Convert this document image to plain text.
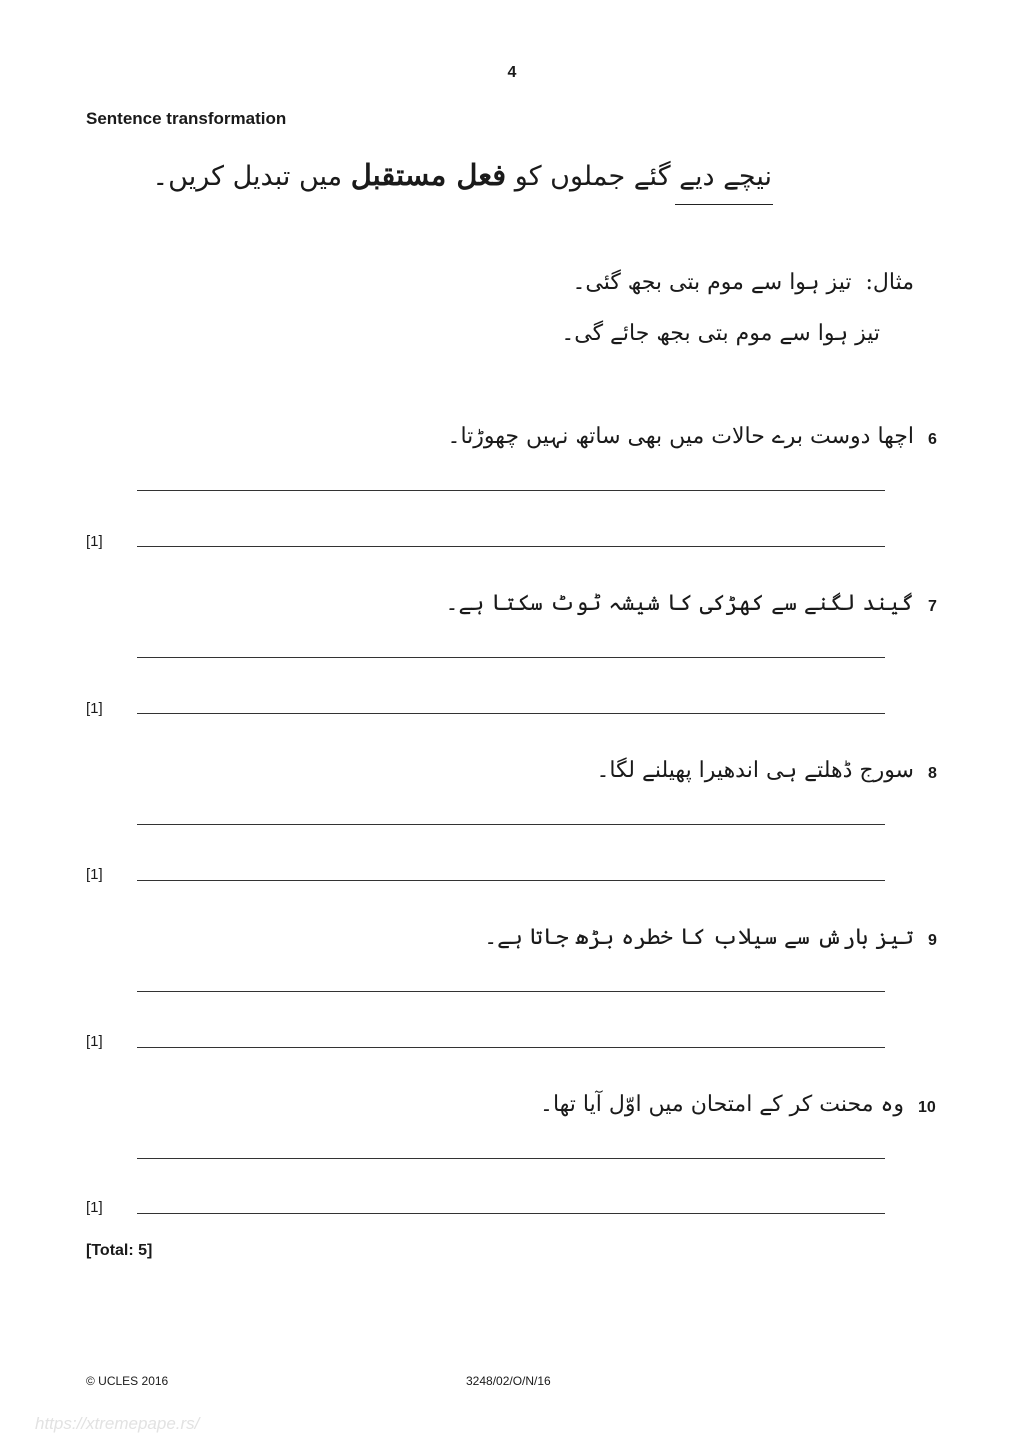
4
Sentence transformation
نیچے دیے گئے جملوں کو فعل مستقبل میں تبدیل کریں۔
مثال:  تیز ہوا سے موم بتی بجھ گئی۔
تیز ہوا سے موم بتی بجھ جائے گی۔
6
اچھا دوست برے حالات میں بھی ساتھ نہیں چھوڑتا۔
[1]
7
گیند لگنے سے کھڑکی کا شیشہ ٹوٹ سکتا ہے۔
[1]
8
سورج ڈھلتے ہی اندھیرا پھیلنے لگا۔
[1]
9
تیز بارش سے سیلاب کا خطرہ بڑھ جاتا ہے۔
[1]
10
وہ محنت کر کے امتحان میں اوّل آیا تھا۔
[1]
[Total: 5]
© UCLES 2016	3248/02/O/N/16
https://xtremepape.rs/
